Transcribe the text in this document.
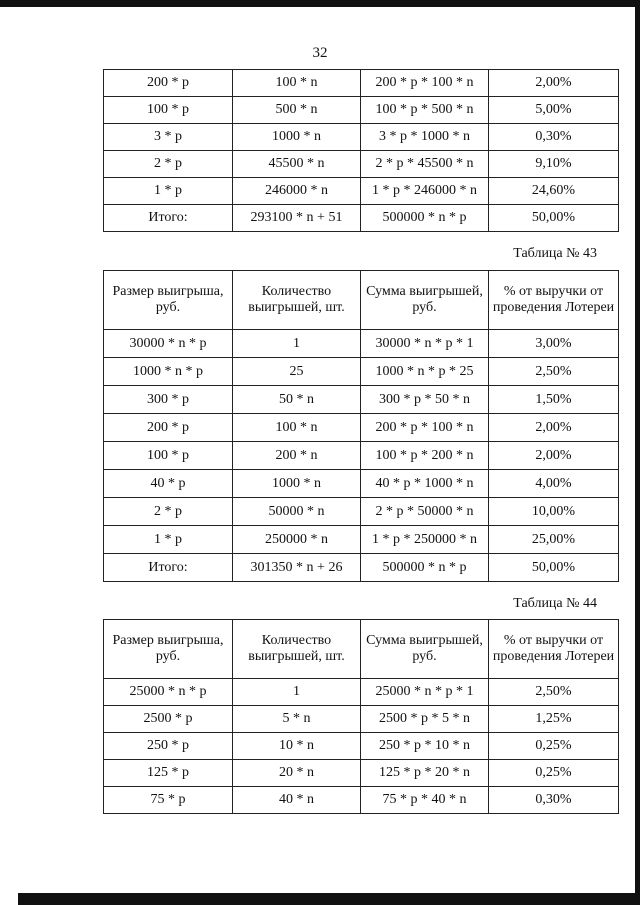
32
200 * p	100 * n	200 * p * 100 * n	2,00%
100 * p	500 * n	100 * p * 500 * n	5,00%
3 * p	1000 * n	3 * p * 1000 * n	0,30%
2 * p	45500 * n	2 * p * 45500 * n	9,10%
1 * p	246000 * n	1 * p * 246000 * n	24,60%
Итого:	293100 * n + 51	500000 * n * p	50,00%
Таблица № 43
Размер выигрыша, руб.	Количество выигрышей, шт.	Сумма выигрышей, руб.	% от выручки от проведения Лотереи
30000 * n * p	1	30000 * n * p * 1	3,00%
1000 * n * p	25	1000 * n * p * 25	2,50%
300 * p	50 * n	300 * p * 50 * n	1,50%
200 * p	100 * n	200 * p * 100 * n	2,00%
100 * p	200 * n	100 * p * 200 * n	2,00%
40 * p	1000 * n	40 * p * 1000 * n	4,00%
2 * p	50000 * n	2 * p * 50000 * n	10,00%
1 * p	250000 * n	1 * p * 250000 * n	25,00%
Итого:	301350 * n + 26	500000 * n * p	50,00%
Таблица № 44
Размер выигрыша, руб.	Количество выигрышей, шт.	Сумма выигрышей, руб.	% от выручки от проведения Лотереи
25000 * n * p	1	25000 * n * p * 1	2,50%
2500 * p	5 * n	2500 * p * 5 * n	1,25%
250 * p	10 * n	250 * p * 10 * n	0,25%
125 * p	20 * n	125 * p * 20 * n	0,25%
75 * p	40 * n	75 * p * 40 * n	0,30%
